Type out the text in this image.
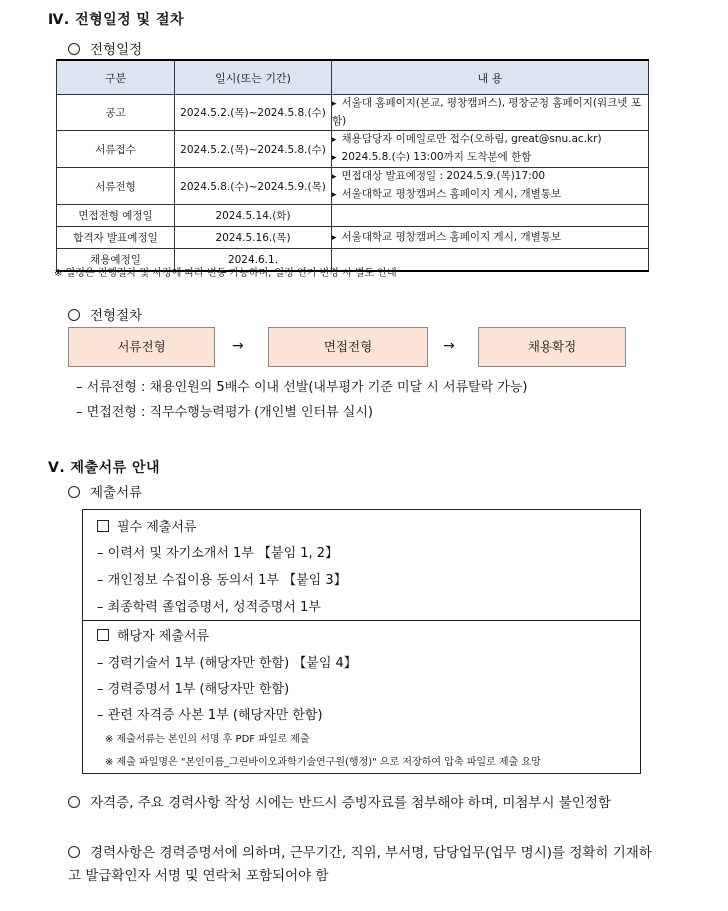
Ⅳ. 전형일정 및 절차
전형일정
구분	일시(또는 기간)	내 용
공고	2024.5.2.(목)~2024.5.8.(수)	▸ 서울대 홈페이지(본교, 평창캠퍼스), 평창군청 홈페이지(워크넷 포함)

서류접수	2024.5.2.(목)~2024.5.8.(수)	▸ 채용담당자 이메일로만 접수(오하림, great@snu.ac.kr)
▸ 2024.5.8.(수) 13:00까지 도착분에 한함

서류전형	2024.5.8.(수)~2024.5.9.(목)	▸ 면접대상 발표예정일 : 2024.5.9.(목)17:00
▸ 서울대학교 평창캠퍼스 홈페이지 게시, 개별통보

면접전형 예정일	2024.5.14.(화)	
합격자 발표예정일	2024.5.16.(목)	▸ 서울대학교 평창캠퍼스 홈페이지 게시, 개별통보

채용예정일	2024.6.1.	
※ 일정은 진행절차 및 사정에 따라 변동 가능하며, 일정 연기 변경 시 별도 안내
전형절차
서류전형	→	면접전형	→	채용확정
– 서류전형 : 채용인원의 5배수 이내 선발(내부평가 기준 미달 시 서류탈락 가능)
– 면접전형 : 직무수행능력평가 (개인별 인터뷰 실시)
Ⅴ. 제출서류 안내
제출서류
필수 제출서류
– 이력서 및 자기소개서 1부 【붙임 1, 2】
– 개인정보 수집이용 동의서 1부 【붙임 3】
– 최종학력 졸업증명서, 성적증명서 1부
해당자 제출서류
– 경력기술서 1부 (해당자만 한함) 【붙임 4】
– 경력증명서 1부 (해당자만 한함)
– 관련 자격증 사본 1부 (해당자만 한함)
※ 제출서류는 본인의 서명 후 PDF 파일로 제출
※ 제출 파일명은 "본인이름_그린바이오과학기술연구원(행정)" 으로 저장하여 압축 파일로 제출 요망
자격증, 주요 경력사항 작성 시에는 반드시 증빙자료를 첨부해야 하며, 미첨부시 불인정함
경력사항은 경력증명서에 의하며, 근무기간, 직위, 부서명, 담당업무(업무 명시)를 정확히 기재하고 발급확인자 서명 및 연락처 포함되어야 함
